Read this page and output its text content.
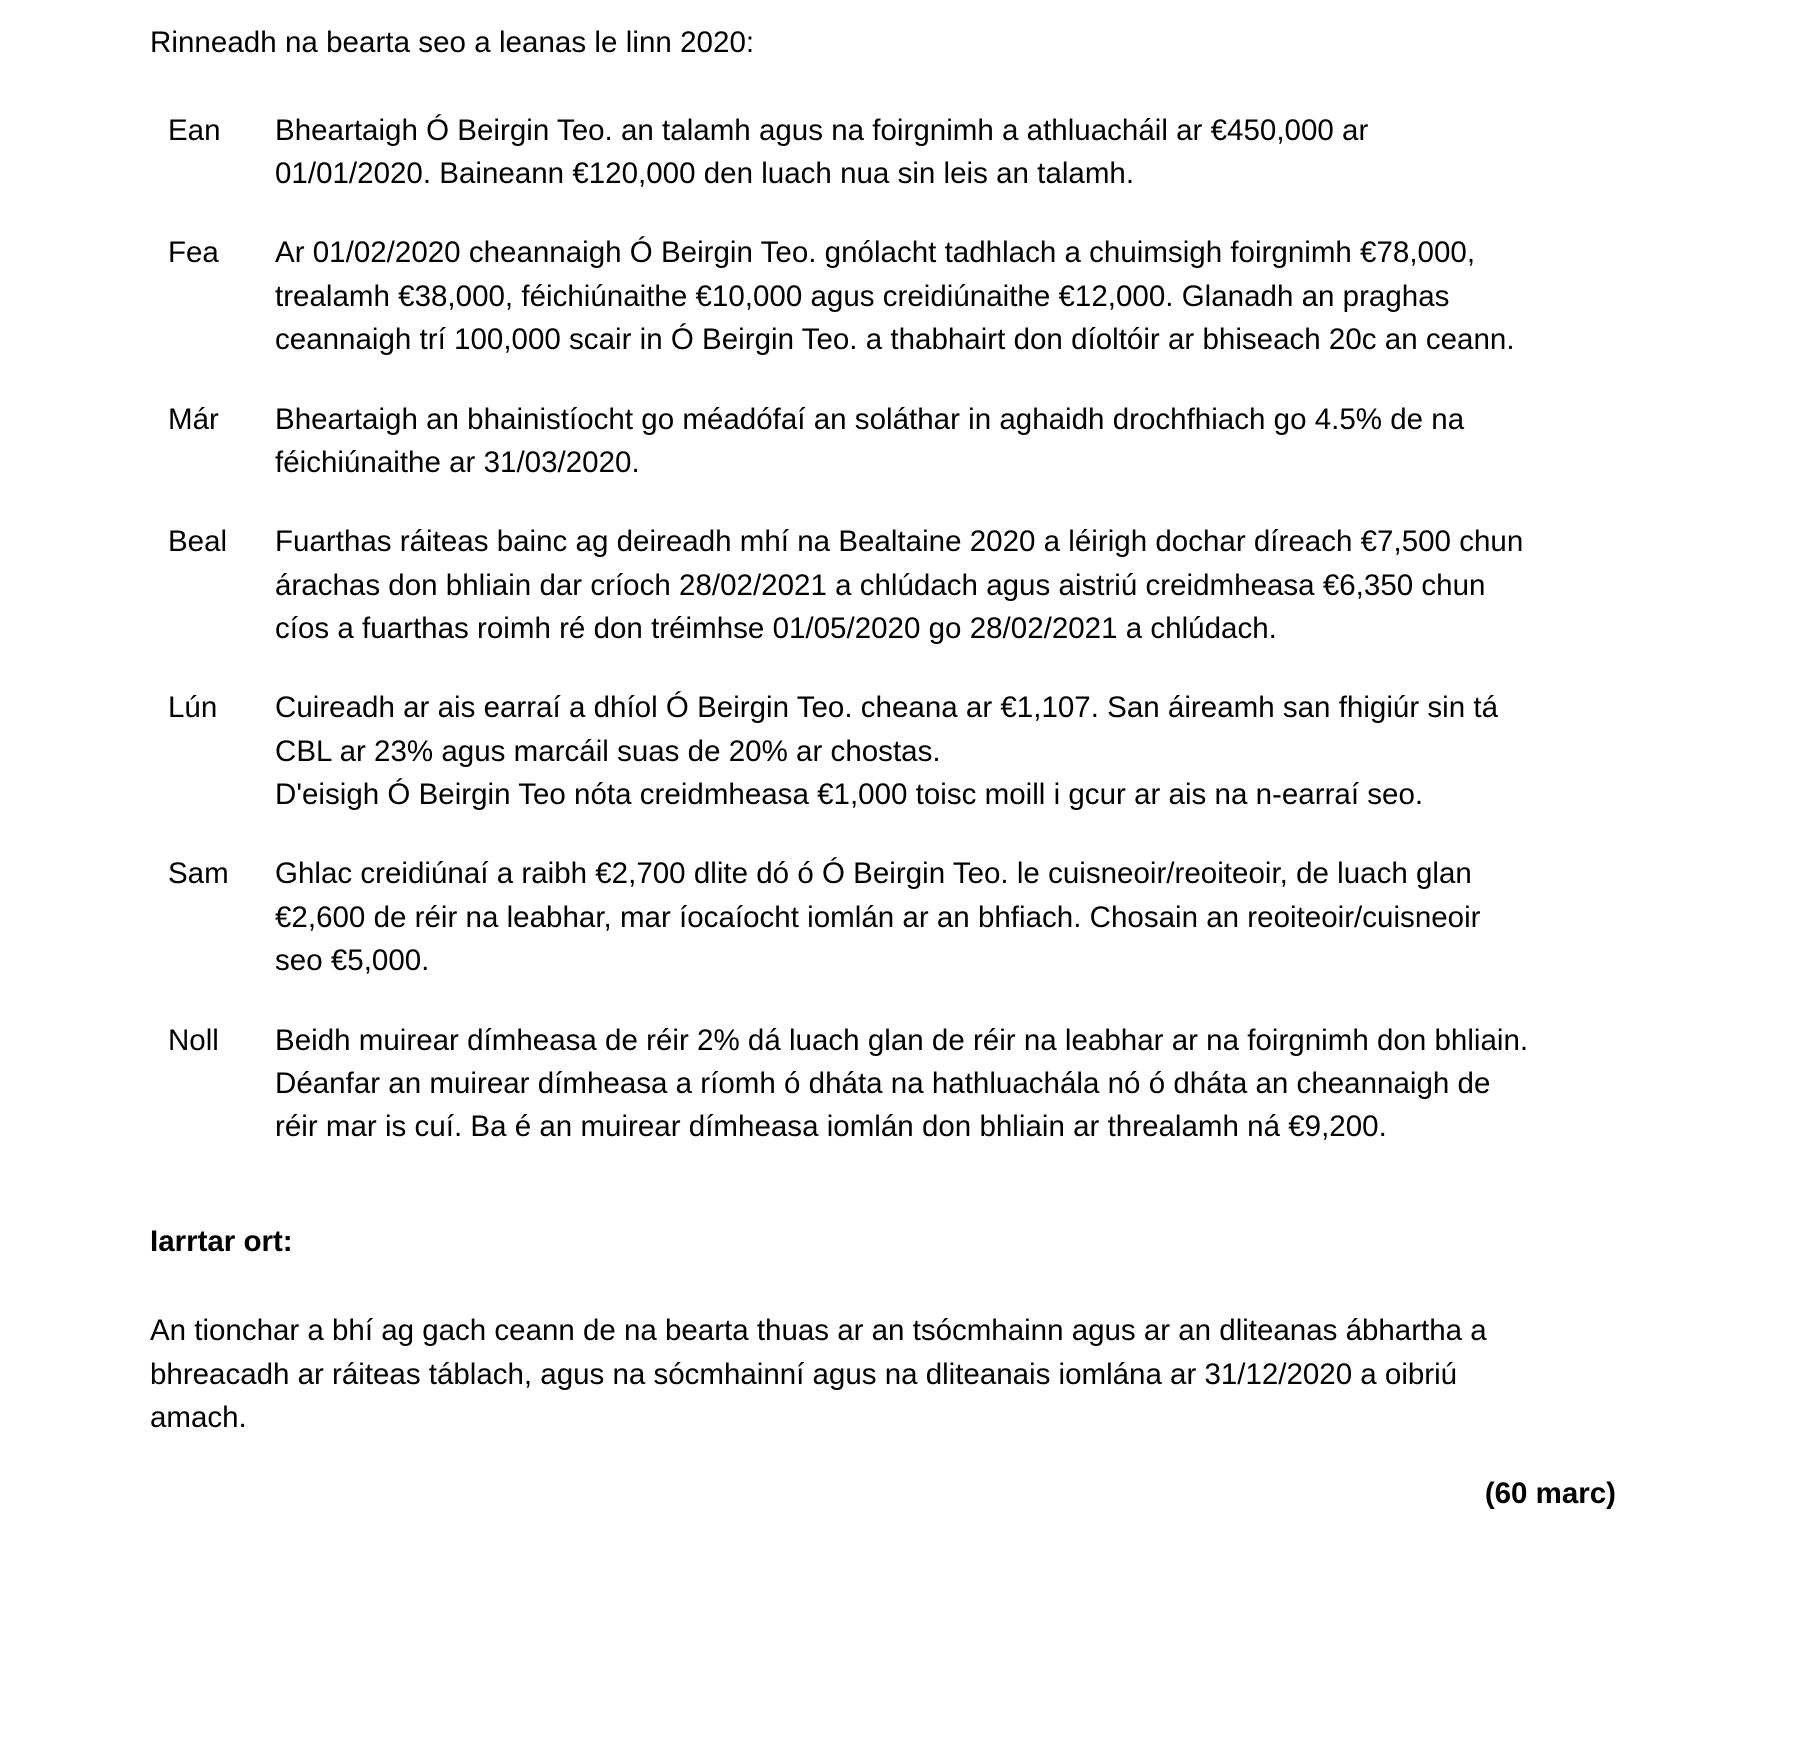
Rinneadh na bearta seo a leanas le linn 2020:

Ean	Bheartaigh Ó Beirgin Teo. an talamh agus na foirgnimh a athluacháil ar €450,000 ar 01/01/2020. Baineann €120,000 den luach nua sin leis an talamh.

Fea	Ar 01/02/2020 cheannaigh Ó Beirgin Teo. gnólacht tadhlach a chuimsigh foirgnimh €78,000, trealamh €38,000, féichiúnaithe €10,000 agus creidiúnaithe €12,000. Glanadh an praghas ceannaigh trí 100,000 scair in Ó Beirgin Teo. a thabhairt don díoltóir ar bhiseach 20c an ceann.

Már	Bheartaigh an bhainistíocht go méadófaí an soláthar in aghaidh drochfhiach go 4.5% de na féichiúnaithe ar 31/03/2020.

Beal	Fuarthas ráiteas bainc ag deireadh mhí na Bealtaine 2020 a léirigh dochar díreach €7,500 chun árachas don bhliain dar críoch 28/02/2021 a chlúdach agus aistriú creidmheasa €6,350 chun cíos a fuarthas roimh ré don tréimhse 01/05/2020 go 28/02/2021 a chlúdach.

Lún	Cuireadh ar ais earraí a dhíol Ó Beirgin Teo. cheana ar €1,107. San áireamh san fhigiúr sin tá CBL ar 23% agus marcáil suas de 20% ar chostas.

D'eisigh Ó Beirgin Teo nóta creidmheasa €1,000 toisc moill i gcur ar ais na n-earraí seo.

Sam	Ghlac creidiúnaí a raibh €2,700 dlite dó ó Ó Beirgin Teo. le cuisneoir/reoiteoir, de luach glan €2,600 de réir na leabhar, mar íocaíocht iomlán ar an bhfiach. Chosain an reoiteoir/cuisneoir seo €5,000.

Noll	Beidh muirear dímheasa de réir 2% dá luach glan de réir na leabhar ar na foirgnimh don bhliain. Déanfar an muirear dímheasa a ríomh ó dháta na hathluachála nó ó dháta an cheannaigh de réir mar is cuí. Ba é an muirear dímheasa iomlán don bhliain ar threalamh ná €9,200.

Iarrtar ort:

An tionchar a bhí ag gach ceann de na bearta thuas ar an tsócmhainn agus ar an dliteanas ábhartha a bhreacadh ar ráiteas táblach, agus na sócmhainní agus na dliteanais iomlána ar 31/12/2020 a oibriú amach.

(60 marc)
